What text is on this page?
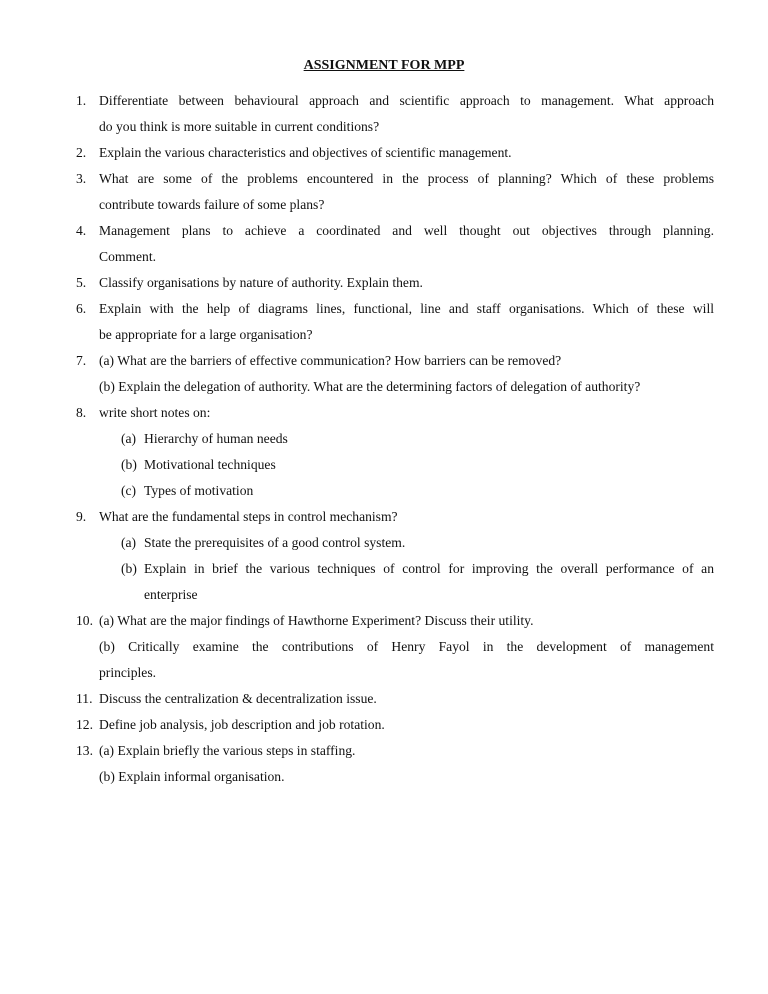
ASSIGNMENT FOR MPP
1. Differentiate between behavioural approach and scientific approach to management. What approach
do you think is more suitable in current conditions?
2. Explain the various characteristics and objectives of scientific management.
3. What are some of the problems encountered in the process of planning? Which of these problems
contribute towards failure of some plans?
4. Management plans to achieve a coordinated and well thought out objectives through planning.
Comment.
5. Classify organisations by nature of authority. Explain them.
6. Explain with the help of diagrams lines, functional, line and staff organisations. Which of these will
be appropriate for a large organisation?
7. (a) What are the barriers of effective communication? How barriers can be removed?
(b) Explain the delegation of authority. What are the determining factors of delegation of authority?
8. write short notes on:
(a) Hierarchy of human needs
(b) Motivational techniques
(c) Types of motivation
9. What are the fundamental steps in control mechanism?
(a) State the prerequisites of a good control system.
(b) Explain in brief the various techniques of control for improving the overall performance of an
enterprise
10. (a) What are the major findings of Hawthorne Experiment? Discuss their utility.
(b) Critically examine the contributions of Henry Fayol in the development of management
principles.
11. Discuss the centralization & decentralization issue.
12. Define job analysis, job description and job rotation.
13. (a) Explain briefly the various steps in staffing.
(b) Explain informal organisation.
